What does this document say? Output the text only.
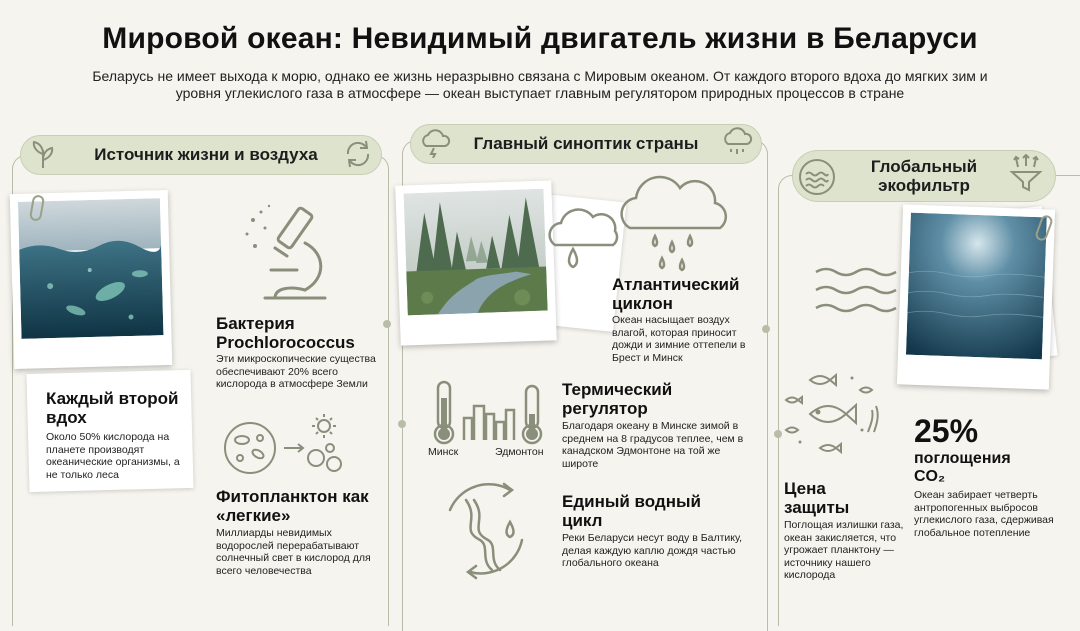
Мировой океан: Невидимый двигатель жизни в Беларуси
Беларусь не имеет выхода к морю, однако ее жизнь неразрывно связана с Мировым океаном. От каждого второго вдоха до мягких зим и уровня углекислого газа в атмосфере — океан выступает главным регулятором природных процессов в стране
Источник жизни и воздуха
Каждый второй вдох
Около 50% кислорода на планете производят океанические организмы, а не только леса
Бактерия Prochlorococcus
Эти микроскопические существа обеспечивают 20% всего кислорода в атмосфере Земли
Фитопланктон как «легкие»
Миллиарды невидимых водорослей перерабатывают солнечный свет в кислород для всего человечества
Главный синоптик страны
Атлантический циклон
Океан насыщает воздух влагой, которая приносит дожди и зимние оттепели в Брест и Минск
Минск	Эдмонтон
Термический регулятор
Благодаря океану в Минске зимой в среднем на 8 градусов теплее, чем в канадском Эдмонтоне на той же широте
Единый водный цикл
Реки Беларуси несут воду в Балтику, делая каждую каплю дождя частью глобального океана
Глобальный экофильтр
25%
поглощения CO₂
Океан забирает четверть антропогенных выбросов углекислого газа, сдерживая глобальное потепление
Цена защиты
Поглощая излишки газа, океан закисляется, что угрожает планктону — источнику нашего кислорода
